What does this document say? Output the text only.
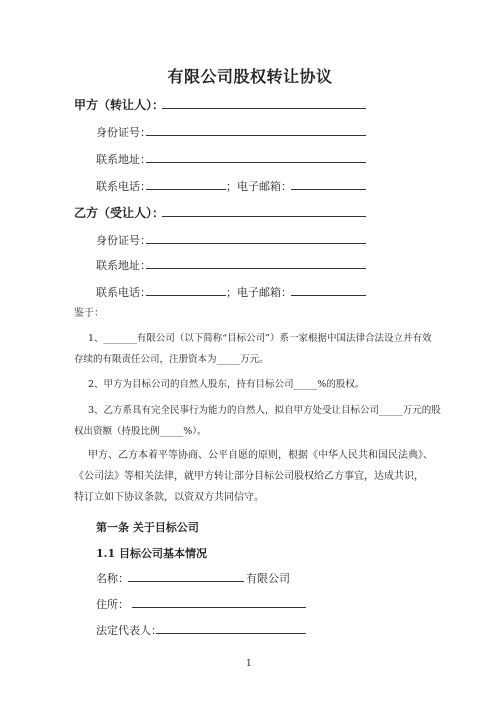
有限公司股权转让协议
甲方（转让人）：
身份证号：
联系地址：
联系电话：	；电子邮箱：
乙方（受让人）：
身份证号：
联系地址：
联系电话：	；电子邮箱：
鉴于：
1、_______有限公司（以下简称“目标公司”）系一家根据中国法律合法设立并有效
存续的有限责任公司，注册资本为_____万元。
2、甲方为目标公司的自然人股东，持有目标公司_____%的股权。
3、乙方系具有完全民事行为能力的自然人，拟自甲方处受让目标公司_____万元的股
权出资额（持股比例_____%）。
甲方、乙方本着平等协商、公平自愿的原则，根据《中华人民共和国民法典》、
《公司法》等相关法律，就甲方转让部分目标公司股权给乙方事宜，达成共识，
特订立如下协议条款，以资双方共同信守。
第一条 关于目标公司
1.1 目标公司基本情况
名称：	有限公司
住所：
法定代表人：
1
